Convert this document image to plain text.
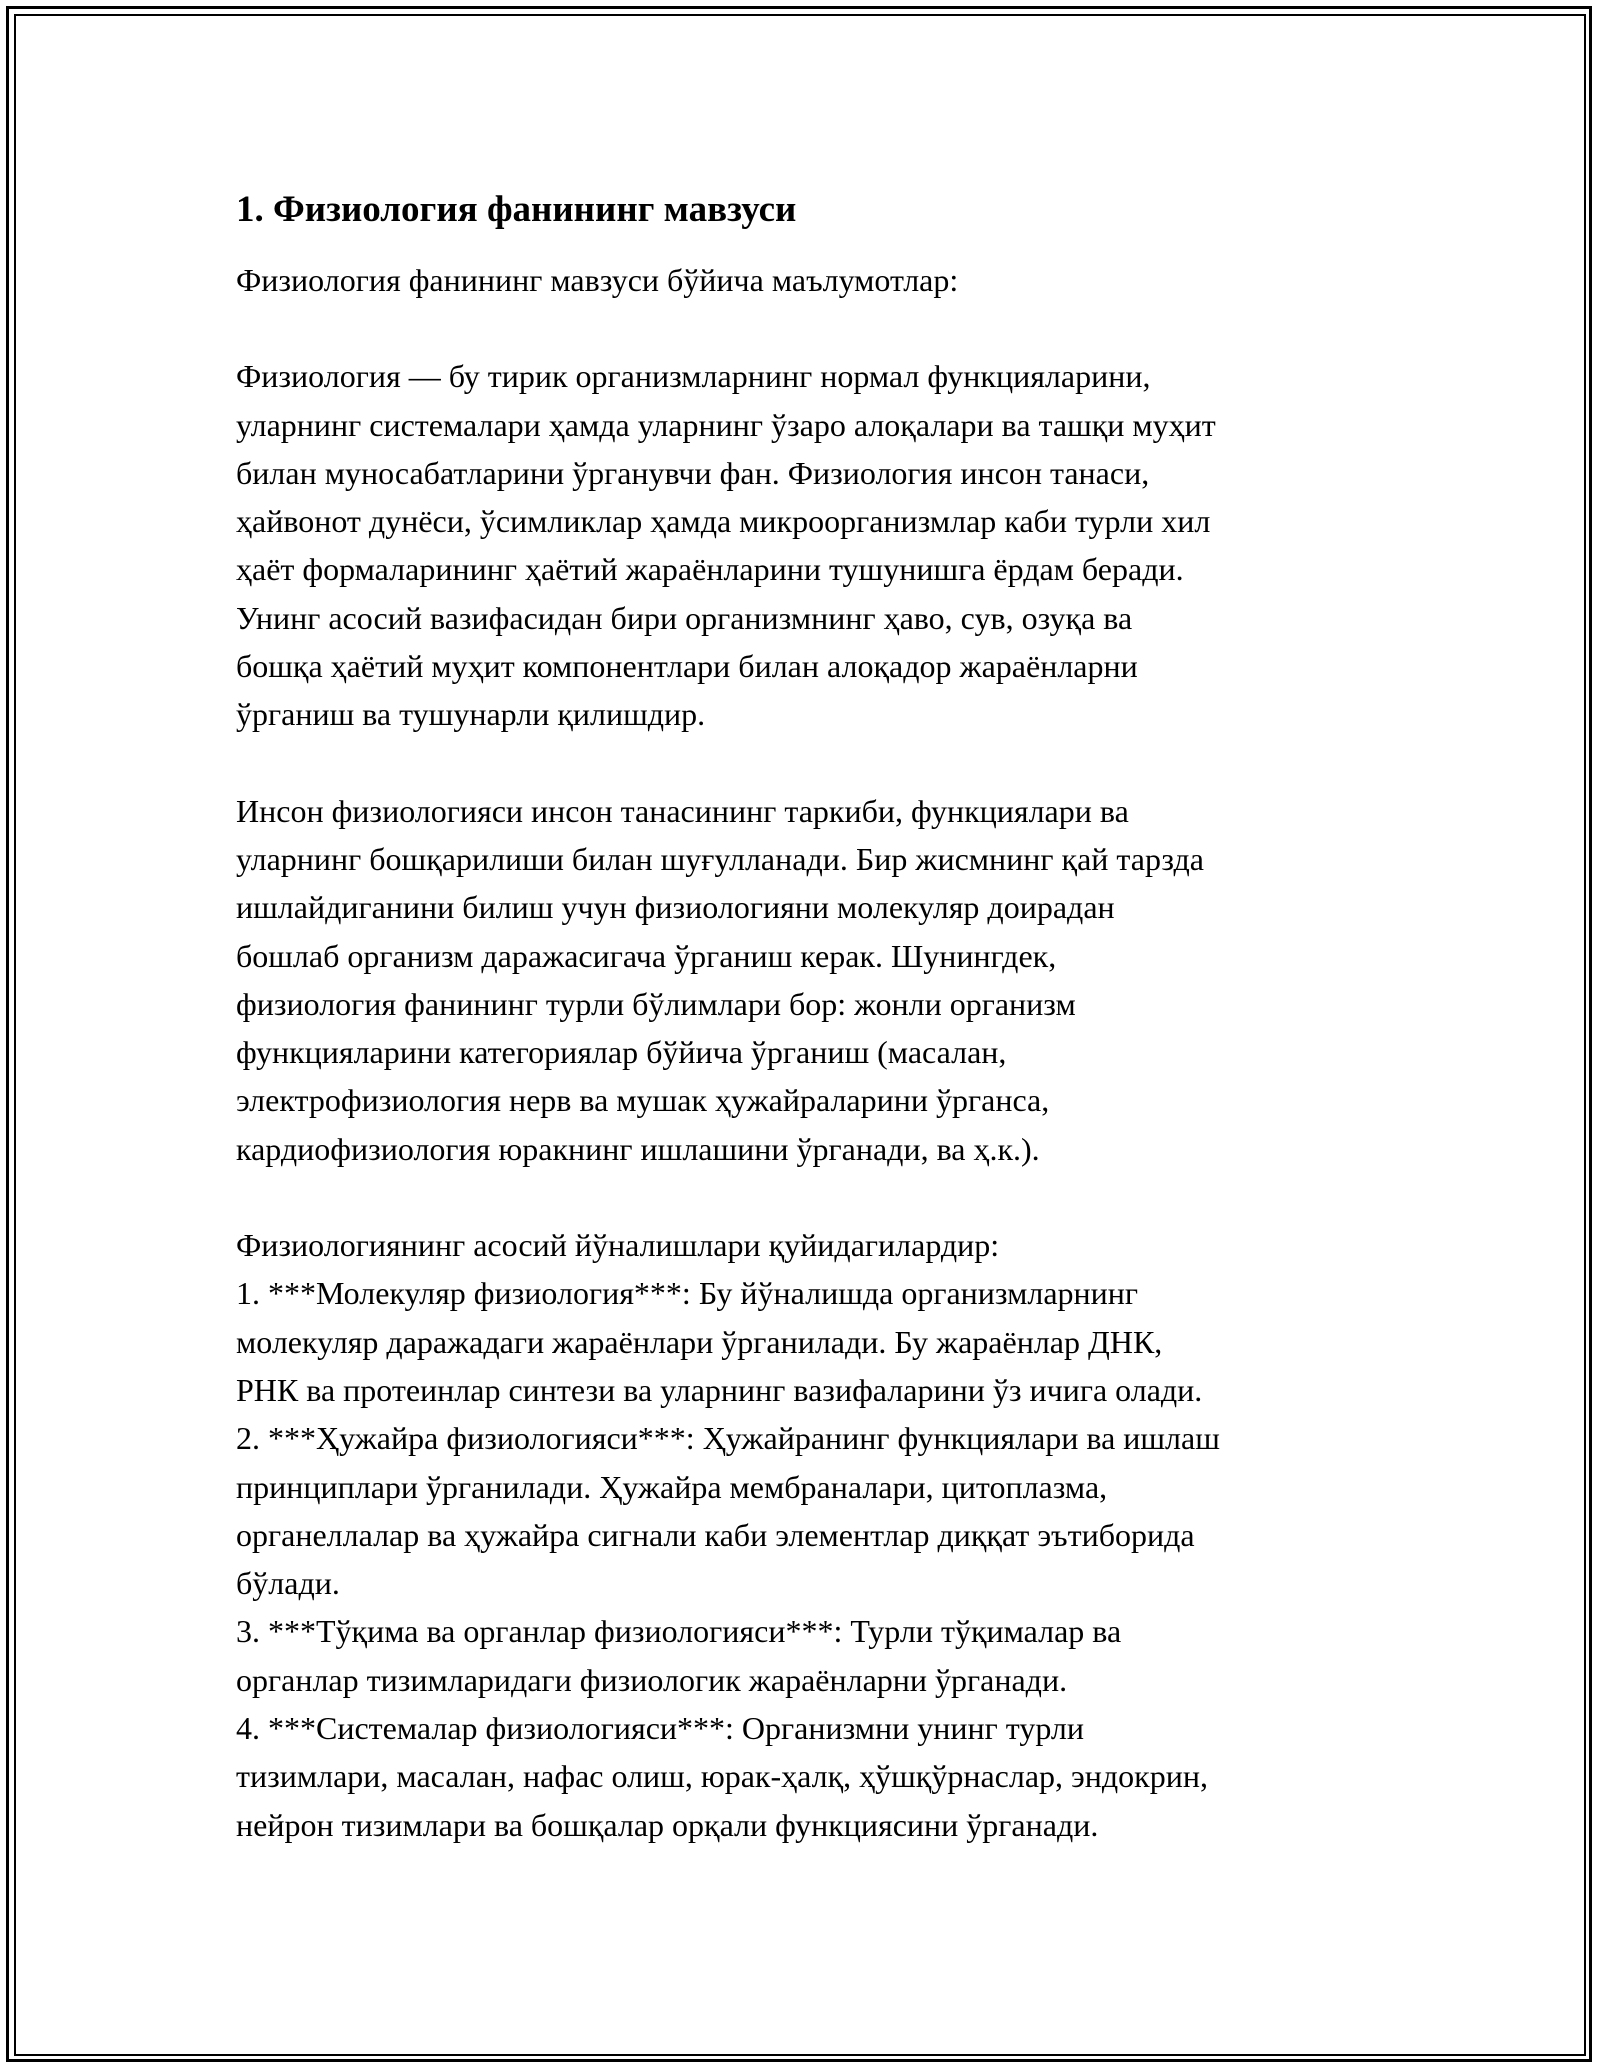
1. Физиология фанининг мавзуси

Физиология фанининг мавзуси бўйича маълумотлар:

Физиология — бу тирик организмларнинг нормал функцияларини,
уларнинг системалари ҳамда уларнинг ўзаро алоқалари ва ташқи муҳит
билан муносабатларини ўрганувчи фан. Физиология инсон танаси,
ҳайвонот дунёси, ўсимликлар ҳамда микроорганизмлар каби турли хил
ҳаёт формаларининг ҳаётий жараёнларини тушунишга ёрдам беради.
Унинг асосий вазифасидан бири организмнинг ҳаво, сув, озуқа ва
бошқа ҳаётий муҳит компонентлари билан алоқадор жараёнларни
ўрганиш ва тушунарли қилишдир.

Инсон физиологияси инсон танасининг таркиби, функциялари ва
уларнинг бошқарилиши билан шуғулланади. Бир жисмнинг қай тарзда
ишлайдиганини билиш учун физиологияни молекуляр доирадан
бошлаб организм даражасигача ўрганиш керак. Шунингдек,
физиология фанининг турли бўлимлари бор: жонли организм
функцияларини категориялар бўйича ўрганиш (масалан,
электрофизиология нерв ва мушак ҳужайраларини ўрганса,
кардиофизиология юракнинг ишлашини ўрганади, ва ҳ.к.).

Физиологиянинг асосий йўналишлари қуйидагилардир:

1. ***Молекуляр физиология***: Бу йўналишда организмларнинг
молекуляр даражадаги жараёнлари ўрганилади. Бу жараёнлар ДНК,
РНК ва протеинлар синтези ва уларнинг вазифаларини ўз ичига олади.

2. ***Ҳужайра физиологияси***: Ҳужайранинг функциялари ва ишлаш
принциплари ўрганилади. Ҳужайра мембраналари, цитоплазма,
органеллалар ва ҳужайра сигнали каби элементлар диққат эътиборида
бўлади.

3. ***Тўқима ва органлар физиологияси***: Турли тўқималар ва
органлар тизимларидаги физиологик жараёнларни ўрганади.

4. ***Системалар физиологияси***: Организмни унинг турли
тизимлари, масалан, нафас олиш, юрак-ҳалқ, ҳўшқўрнаслар, эндокрин,
нейрон тизимлари ва бошқалар орқали функциясини ўрганади.
